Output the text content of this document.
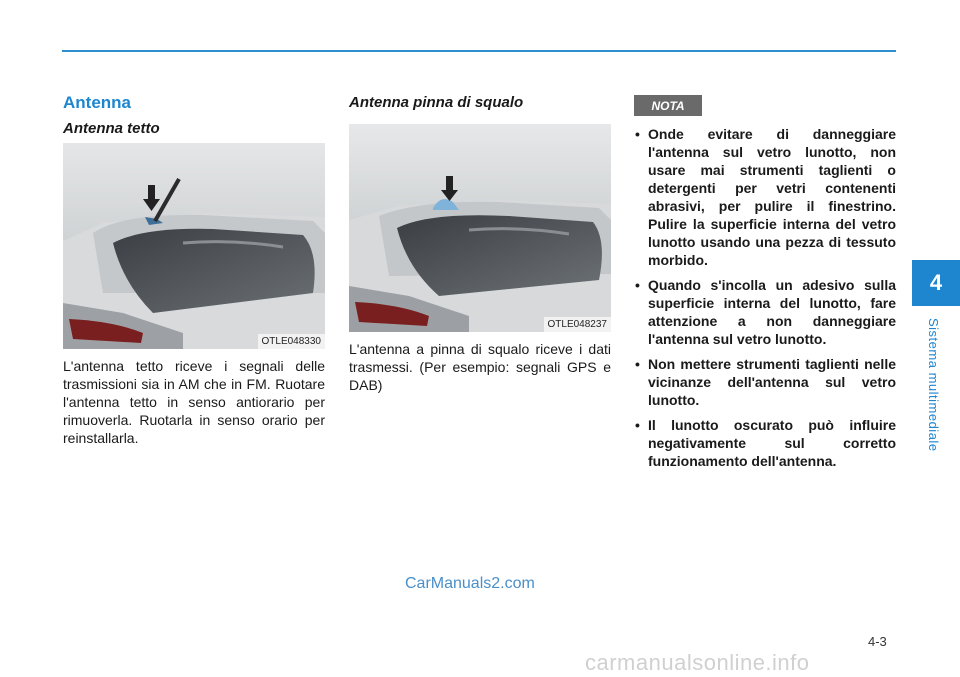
4
Sistema multimediale
Antenna
Antenna tetto
OTLE048330

L'antenna tetto riceve i segnali delle trasmissioni sia in AM che in FM. Ruotare l'antenna tetto in senso antiorario per rimuoverla. Ruotarla in senso orario per reinstallarla.

Antenna pinna di squalo
OTLE048237

L'antenna a pinna di squalo riceve i dati trasmessi. (Per esempio: segnali GPS e DAB)

NOTA
• Onde evitare di danneggiare l'antenna sul vetro lunotto, non usare mai strumenti taglienti o detergenti per vetri contenenti abrasivi, per pulire il finestrino. Pulire la superficie interna del vetro lunotto usando una pezza di tessuto morbido.
• Quando s'incolla un adesivo sulla superficie interna del lunotto, fare attenzione a non danneggiare l'antenna sul vetro lunotto.
• Non mettere strumenti taglienti nelle vicinanze dell'antenna sul vetro lunotto.
• Il lunotto oscurato può influire negativamente sul corretto funzionamento dell'antenna.
CarManuals2.com
4-3
carmanualsonline.info
